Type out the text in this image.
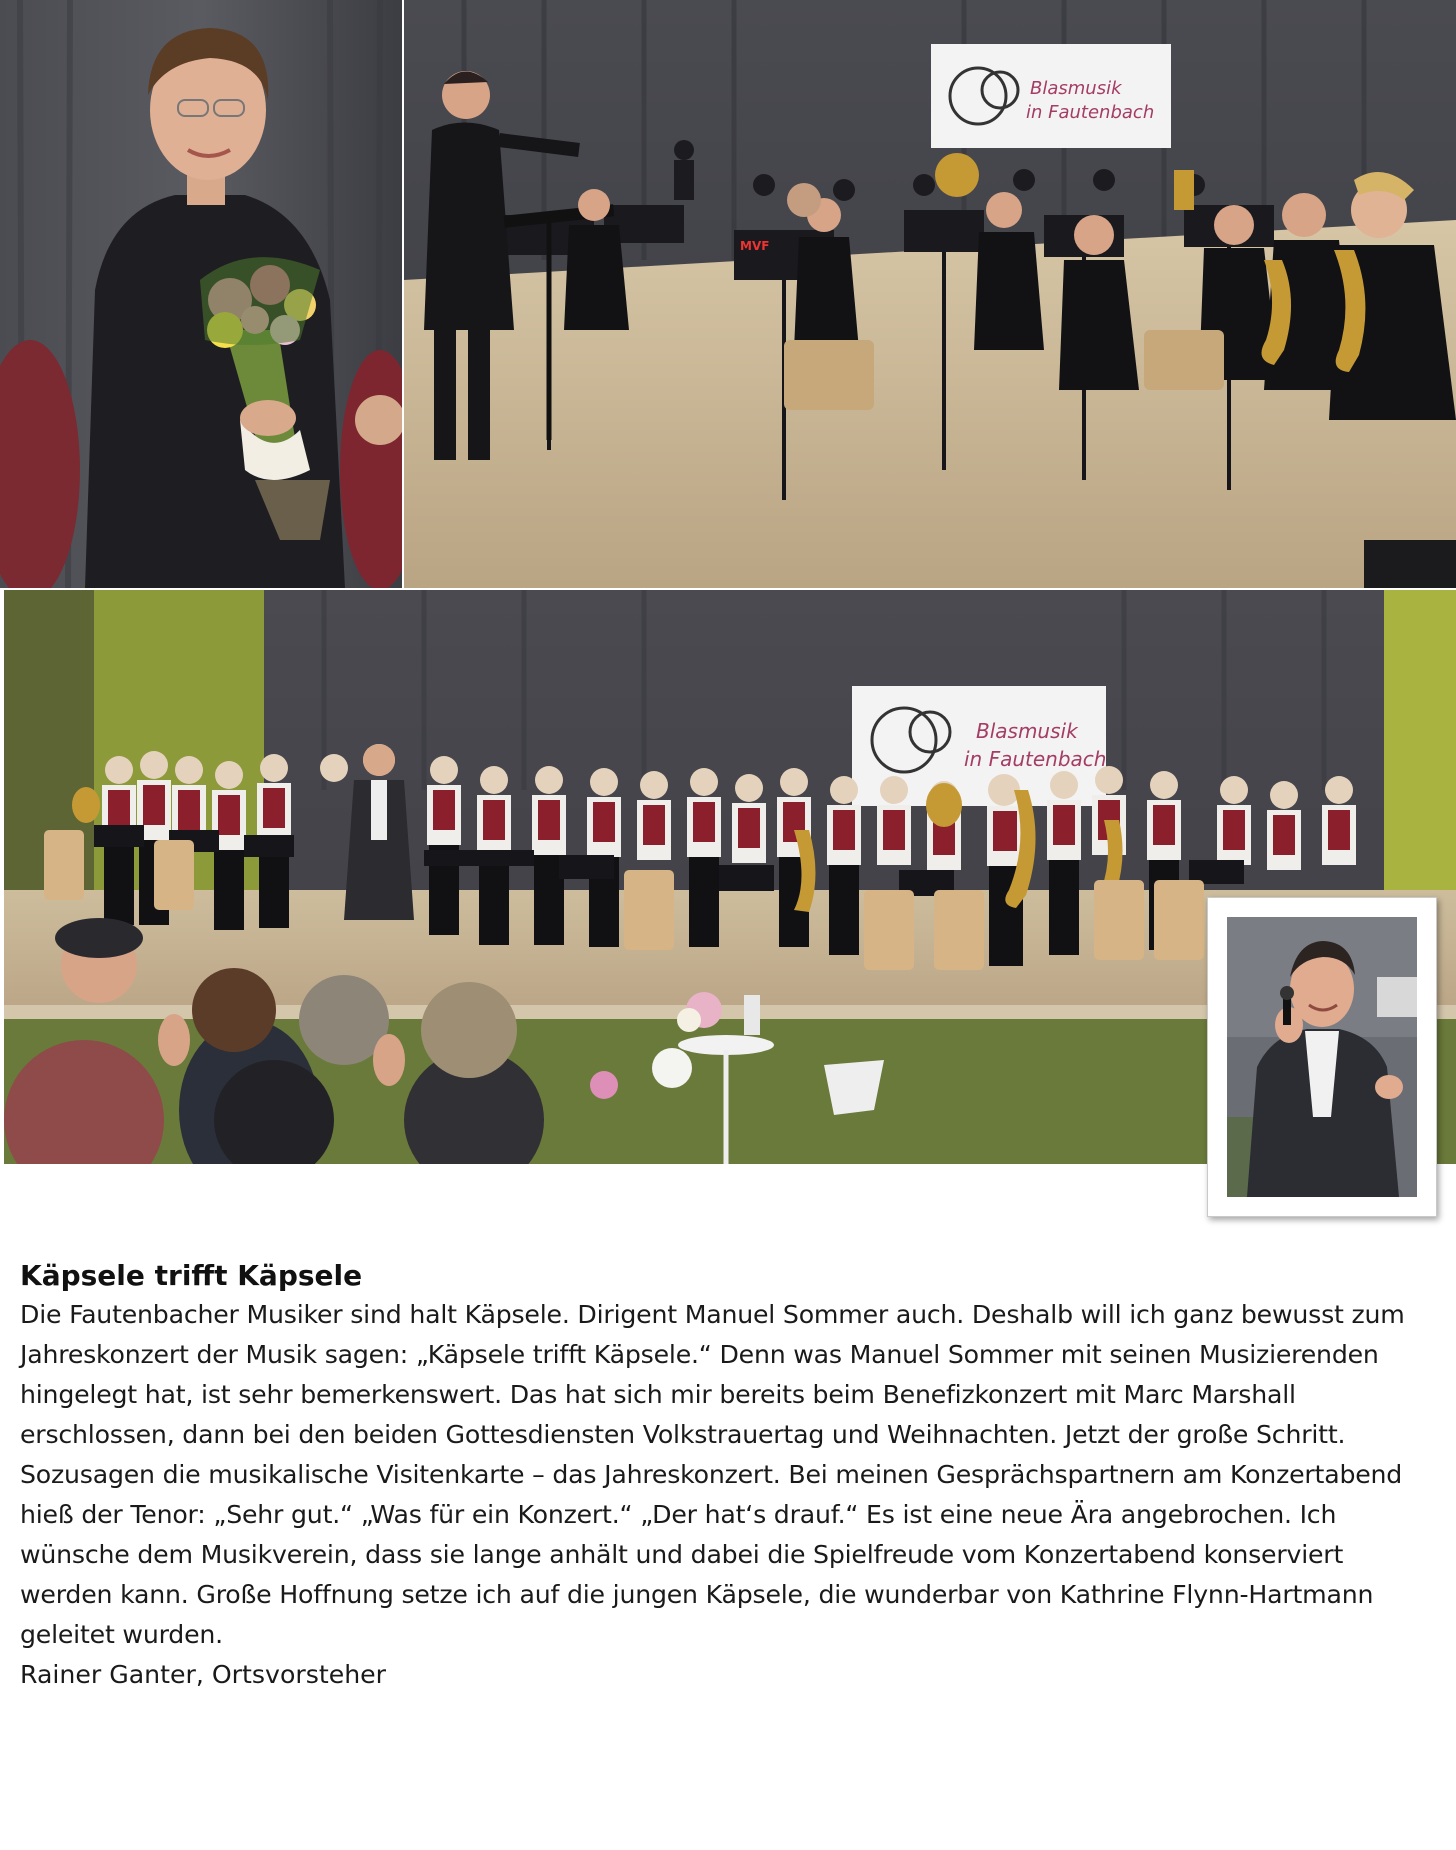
Blasmusik
in Fautenbach
MVF
Blasmusik
in Fautenbach
Käpsele trifft Käpsele

Die Fautenbacher Musiker sind halt Käpsele. Dirigent Manuel Sommer auch. Deshalb will ich ganz bewusst zum Jahreskonzert der Musik sagen: „Käpsele trifft Käpsele.“ Denn was Manuel Sommer mit seinen Musizierenden hingelegt hat, ist sehr bemerkenswert. Das hat sich mir bereits beim Benefizkonzert mit Marc Marshall erschlossen, dann bei den beiden Gottesdiensten Volkstrauertag und Weihnachten. Jetzt der große Schritt. Sozusagen die musikalische Visitenkarte – das Jahreskonzert. Bei meinen Gesprächspartnern am Konzertabend hieß der Tenor: „Sehr gut.“ „Was für ein Konzert.“ „Der hat‘s drauf.“ Es ist eine neue Ära angebrochen. Ich wünsche dem Musikverein, dass sie lange anhält und dabei die Spielfreude vom Konzertabend konserviert werden kann. Große Hoffnung setze ich auf die jungen Käpsele, die wunderbar von Kathrine Flynn-Hartmann geleitet wurden.

Rainer Ganter, Ortsvorsteher
